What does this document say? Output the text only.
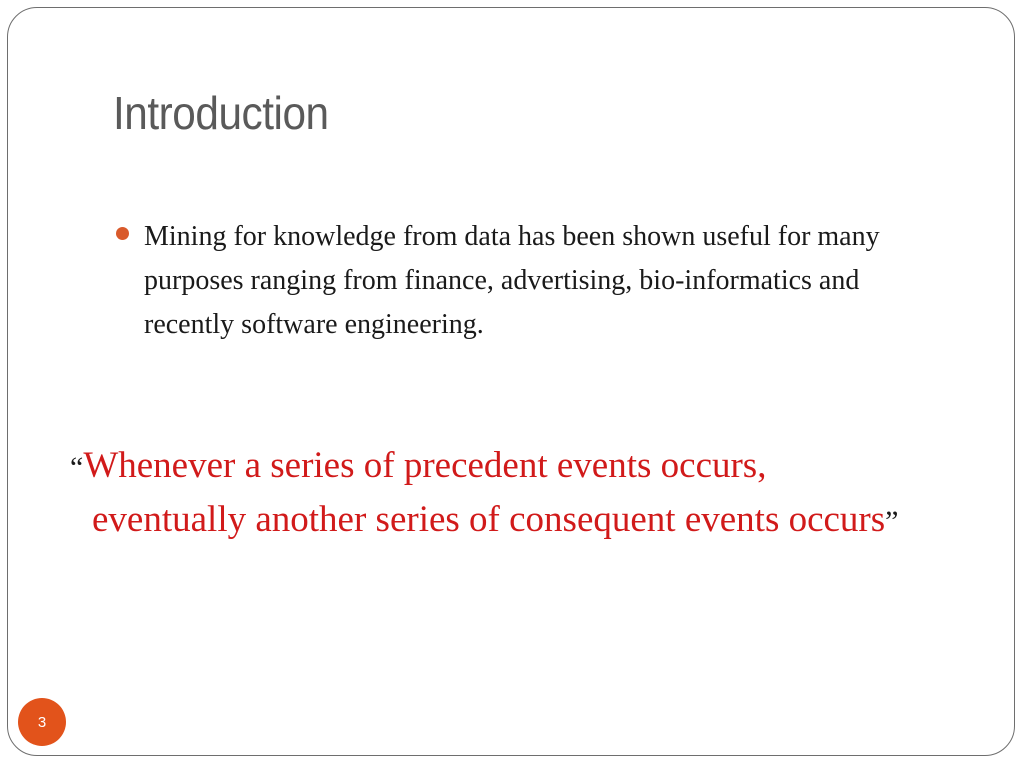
Introduction
Mining for knowledge from data has been shown useful for many purposes ranging from finance, advertising, bio-informatics and recently software engineering.
“Whenever a series of precedent events occurs,
eventually another series of consequent events occurs”
3
